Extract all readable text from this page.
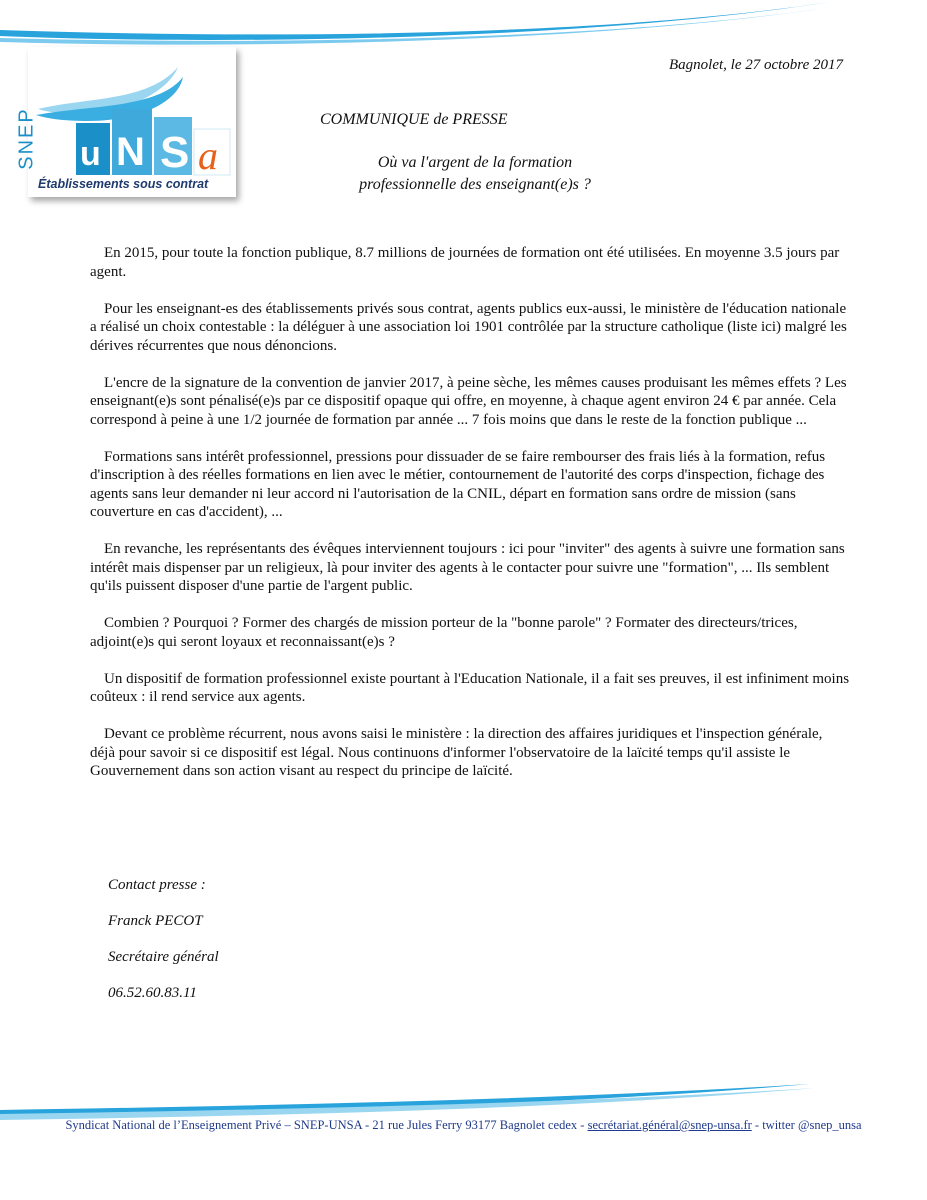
u N S a
SNEP
Établissements sous contrat
Bagnolet, le 27 octobre 2017
COMMUNIQUE de PRESSE
Où va l'argent de la formation
professionnelle des enseignant(e)s ?

En 2015, pour toute la fonction publique, 8.7 millions de journées de formation ont été utilisées. En moyenne 3.5 jours par agent.

Pour les enseignant-es des établissements privés sous contrat, agents publics eux-aussi, le ministère de l'éducation nationale a réalisé un choix contestable : la déléguer à une association loi 1901 contrôlée par la structure catholique (liste ici) malgré les dérives récurrentes que nous dénoncions.

L'encre de la signature de la convention de janvier 2017, à peine sèche, les mêmes causes produisant les mêmes effets ? Les enseignant(e)s sont pénalisé(e)s par ce dispositif opaque qui offre, en moyenne, à chaque agent environ 24 € par année. Cela correspond à peine à une 1/2 journée de formation par année ... 7 fois moins que dans le reste de la fonction publique ...

Formations sans intérêt professionnel, pressions pour dissuader de se faire rembourser des frais liés à la formation, refus d'inscription à des réelles formations en lien avec le métier, contournement de l'autorité des corps d'inspection, fichage des agents sans leur demander ni leur accord ni l'autorisation de la CNIL, départ en formation sans ordre de mission (sans couverture en cas d'accident), ...

En revanche, les représentants des évêques interviennent toujours : ici pour "inviter" des agents à suivre une formation sans intérêt mais dispenser par un religieux, là pour inviter des agents à le contacter pour suivre une "formation", ... Ils semblent qu'ils puissent disposer d'une partie de l'argent public.

Combien ? Pourquoi ? Former des chargés de mission porteur de la "bonne parole" ? Formater des directeurs/trices, adjoint(e)s qui seront loyaux et reconnaissant(e)s ?

Un dispositif de formation professionnel existe pourtant à l'Education Nationale, il a fait ses preuves, il est infiniment moins coûteux : il rend service aux agents.

Devant ce problème récurrent, nous avons saisi le ministère : la direction des affaires juridiques et l'inspection générale, déjà pour savoir si ce dispositif est légal. Nous continuons d'informer l'observatoire de la laïcité temps qu'il assiste le Gouvernement dans son action visant au respect du principe de laïcité.

Contact presse :
Franck PECOT
Secrétaire général
06.52.60.83.11
Syndicat National de l’Enseignement Privé – SNEP-UNSA - 21 rue Jules Ferry 93177 Bagnolet cedex - secrétariat.général@snep-unsa.fr - twitter @snep_unsa
